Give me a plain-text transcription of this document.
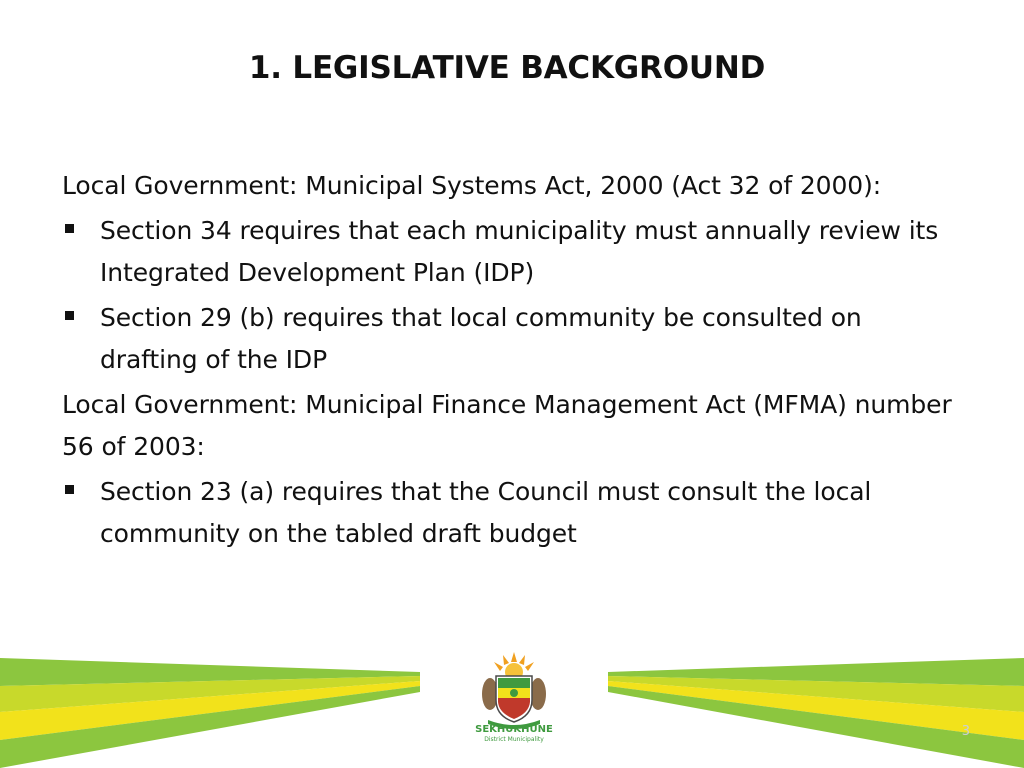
1. LEGISLATIVE BACKGROUND

Local Government: Municipal Systems Act, 2000 (Act 32 of 2000):

Section 34 requires that each municipality must annually review its Integrated Development Plan (IDP)
Section 29 (b) requires that local community be consulted on drafting of the IDP

Local Government: Municipal Finance Management Act (MFMA) number 56 of 2003:

Section 23 (a) requires that the Council must consult the local community on the tabled draft budget
SEKHUKHUNE
District Municipality
3
